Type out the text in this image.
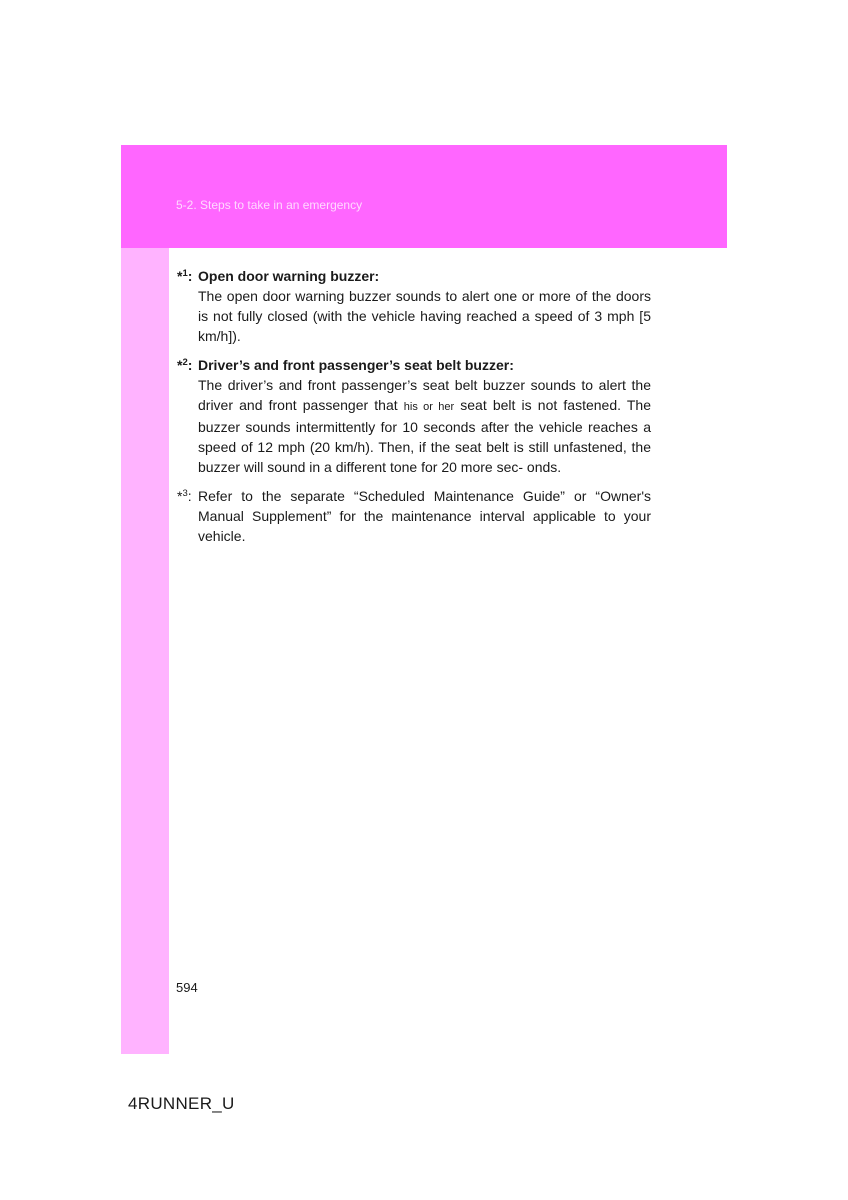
5-2. Steps to take in an emergency
*$^1$: Open door warning buzzer:
The open door warning buzzer sounds to alert one or more of the doors is not fully closed (with the vehicle having reached a speed of 3 mph [5 km/h]).
*$^2$: Driver’s and front passenger’s seat belt buzzer:
The driver’s and front passenger’s seat belt buzzer sounds to alert the driver and front passenger that his or her seat belt is not fastened. The buzzer sounds intermittently for 10 seconds after the vehicle reaches a speed of 12 mph (20 km/h). Then, if the seat belt is still unfastened, the buzzer will sound in a different tone for 20 more sec- onds.
*$^3$: Refer to the separate “Scheduled Maintenance Guide” or “Owner's Manual Supplement” for the maintenance interval applicable to your vehicle.
594
4RUNNER_U
